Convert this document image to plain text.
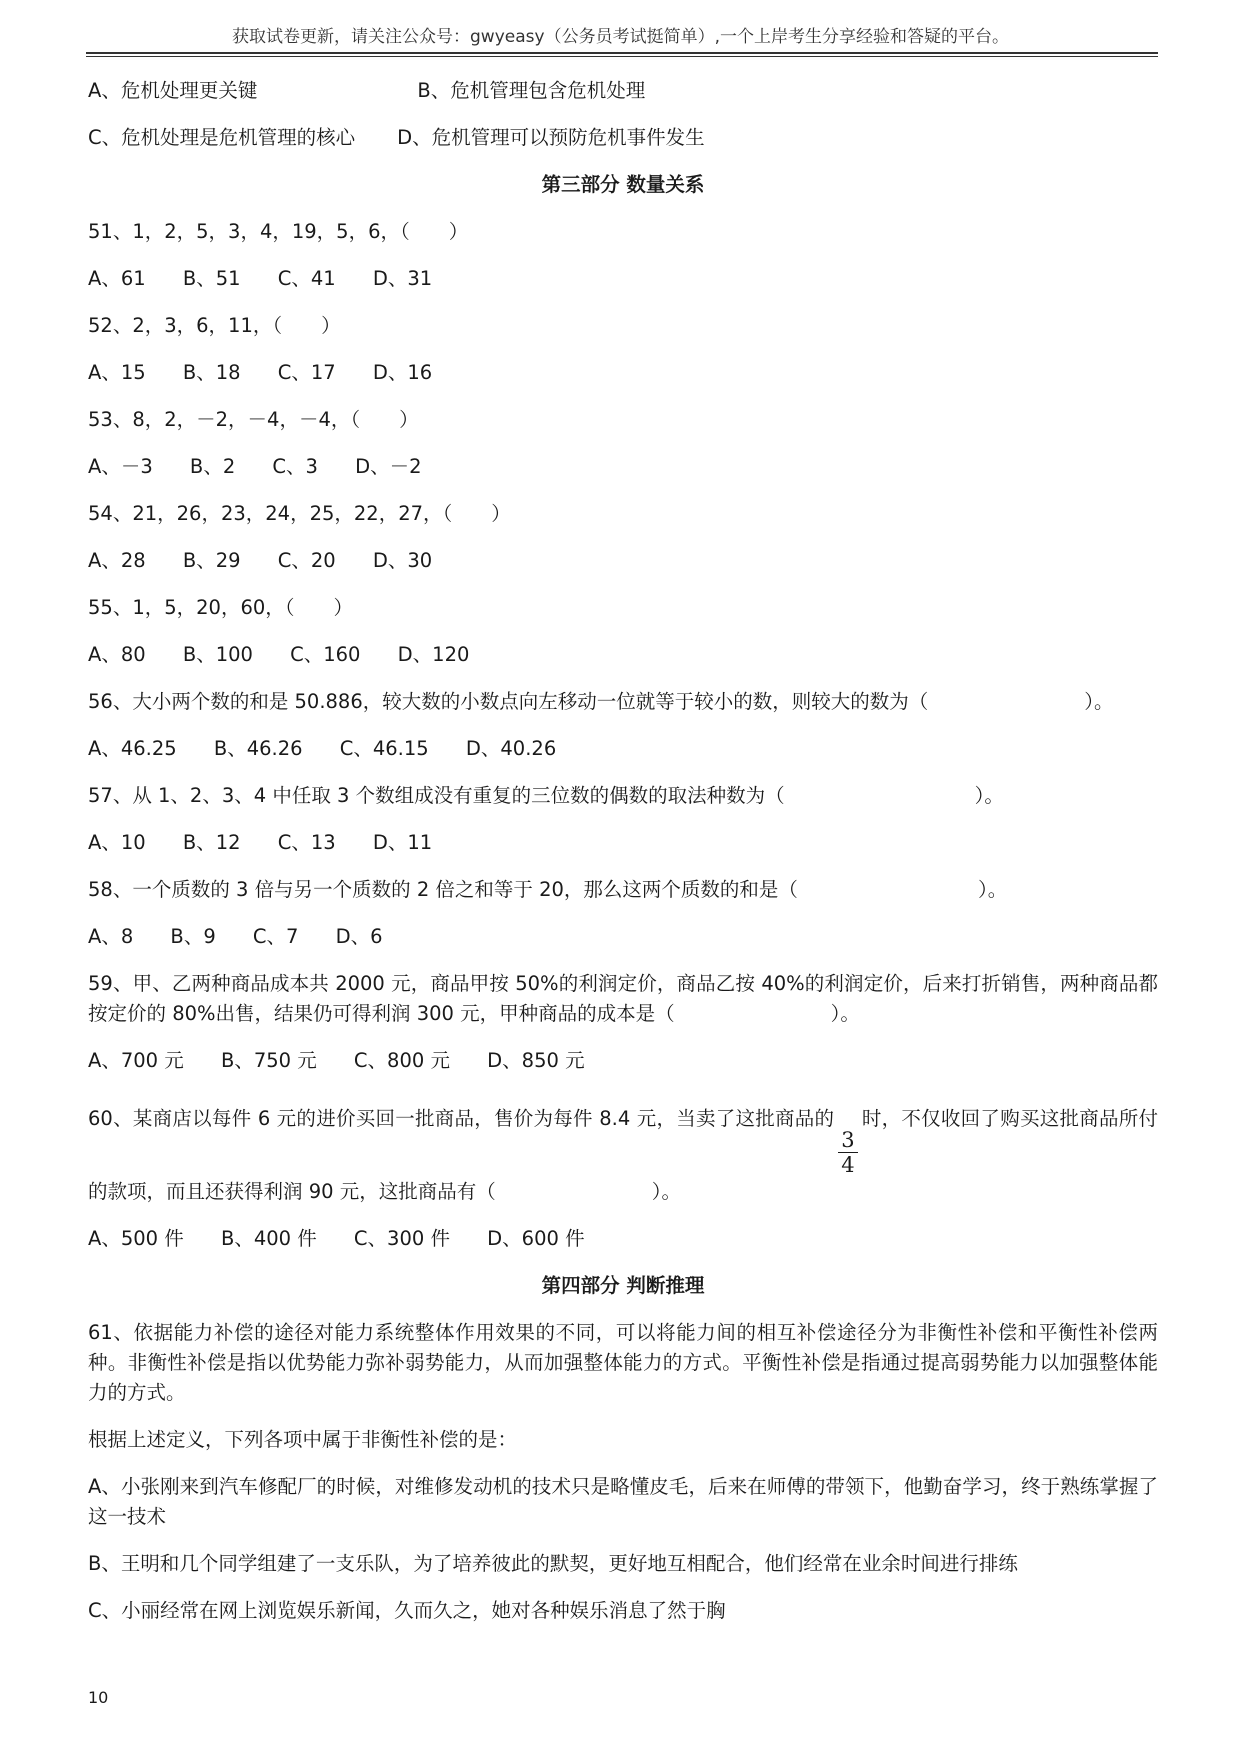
获取试卷更新，请关注公众号：gwyeasy（公务员考试挺简单）,一个上岸考生分享经验和答疑的平台。
A、危机处理更关键	B、危机管理包含危机处理
C、危机处理是危机管理的核心 D、危机管理可以预防危机事件发生
第三部分 数量关系
51、1，2，5，3，4，19，5，6，（　　）
A、61      B、51      C、41      D、31
52、2，3，6，11，（　　）
A、15      B、18      C、17      D、16
53、8，2，－2，－4，－4，（　　）
A、－3      B、2      C、3      D、－2
54、21，26，23，24，25，22，27，（　　）
A、28      B、29      C、20      D、30
55、1，5，20，60，（　　）
A、80      B、100      C、160      D、120
56、大小两个数的和是 50.886，较大数的小数点向左移动一位就等于较小的数，则较大的数为（　　　　　　　　）。
A、46.25      B、46.26      C、46.15      D、40.26
57、从 1、2、3、4 中任取 3 个数组成没有重复的三位数的偶数的取法种数为（	）。
A、10      B、12      C、13      D、11
58、一个质数的 3 倍与另一个质数的 2 倍之和等于 20，那么这两个质数的和是（	）。
A、8      B、9      C、7      D、6
59、甲、乙两种商品成本共 2000 元，商品甲按 50%的利润定价，商品乙按 40%的利润定价，后来打折销售，两种商品都按定价的 80%出售，结果仍可得利润 300 元，甲种商品的成本是（　　　　　　　　）。
A、700 元      B、750 元      C、800 元      D、850 元
60、某商店以每件 6 元的进价买回一批商品，售价为每件 8.4 元，当卖了这批商品的
$\frac{3}{4}$
时，不仅收回了购买这批商品所付的款项，而且还获得利润 90 元，这批商品有（　　　　　　　　）。
A、500 件      B、400 件      C、300 件      D、600 件
第四部分 判断推理
61、依据能力补偿的途径对能力系统整体作用效果的不同，可以将能力间的相互补偿途径分为非衡性补偿和平衡性补偿两种。非衡性补偿是指以优势能力弥补弱势能力，从而加强整体能力的方式。平衡性补偿是指通过提高弱势能力以加强整体能力的方式。
根据上述定义，下列各项中属于非衡性补偿的是：
A、小张刚来到汽车修配厂的时候，对维修发动机的技术只是略懂皮毛，后来在师傅的带领下，他勤奋学习，终于熟练掌握了这一技术
B、王明和几个同学组建了一支乐队，为了培养彼此的默契，更好地互相配合，他们经常在业余时间进行排练
C、小丽经常在网上浏览娱乐新闻，久而久之，她对各种娱乐消息了然于胸
10
